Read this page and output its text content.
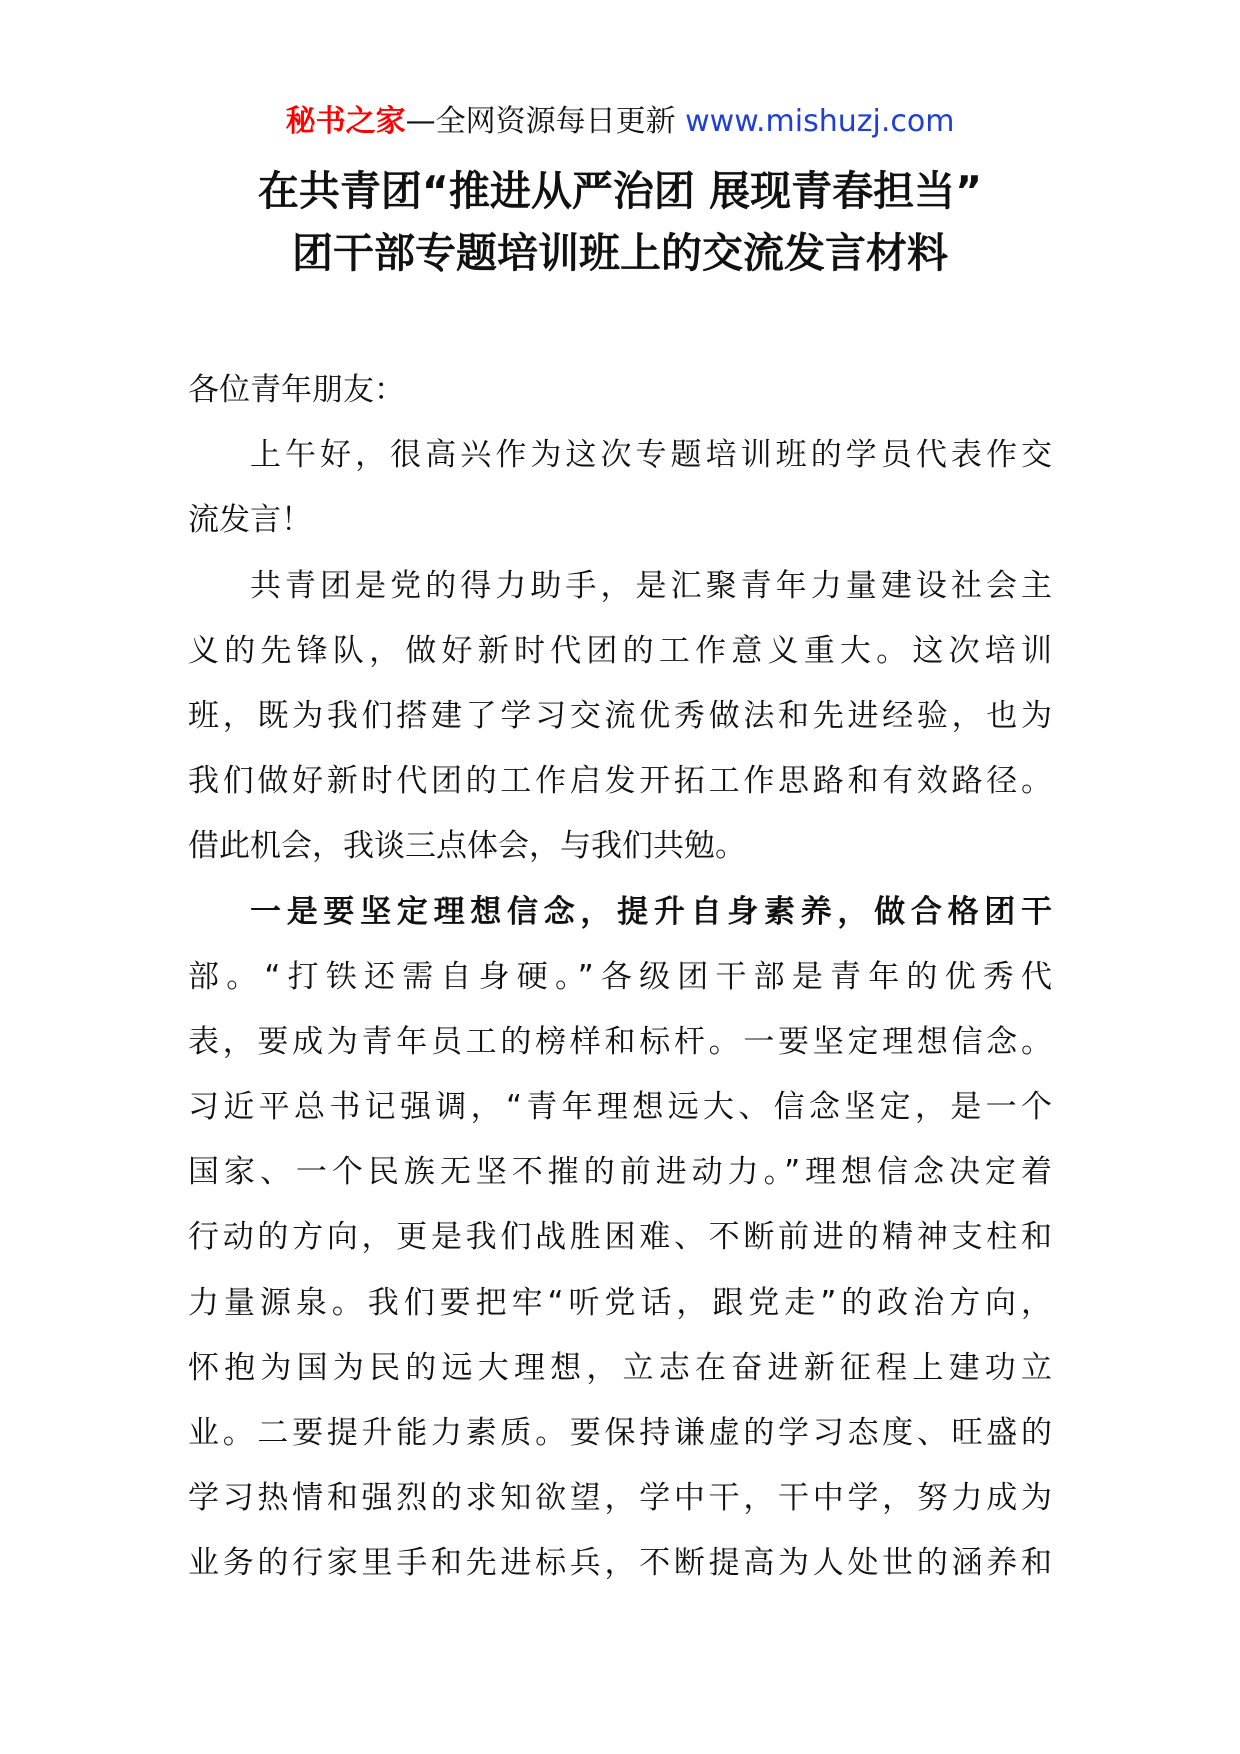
秘书之家—全网资源每日更新 www.mishuzj.com
在共青团“推进从严治团 展现青春担当”
团干部专题培训班上的交流发言材料
各位青年朋友：
上午好，很高兴作为这次专题培训班的学员代表作交
流发言！
共青团是党的得力助手，是汇聚青年力量建设社会主
义的先锋队，做好新时代团的工作意义重大。这次培训
班，既为我们搭建了学习交流优秀做法和先进经验，也为
我们做好新时代团的工作启发开拓工作思路和有效路径。
借此机会，我谈三点体会，与我们共勉。
一是要坚定理想信念，提升自身素养，做合格团干
部。“打铁还需自身硬。”各级团干部是青年的优秀代
表，要成为青年员工的榜样和标杆。一要坚定理想信念。
习近平总书记强调，“青年理想远大、信念坚定，是一个
国家、一个民族无坚不摧的前进动力。”理想信念决定着
行动的方向，更是我们战胜困难、不断前进的精神支柱和
力量源泉。我们要把牢“听党话，跟党走”的政治方向，
怀抱为国为民的远大理想，立志在奋进新征程上建功立
业。二要提升能力素质。要保持谦虚的学习态度、旺盛的
学习热情和强烈的求知欲望，学中干，干中学，努力成为
业务的行家里手和先进标兵，不断提高为人处世的涵养和
